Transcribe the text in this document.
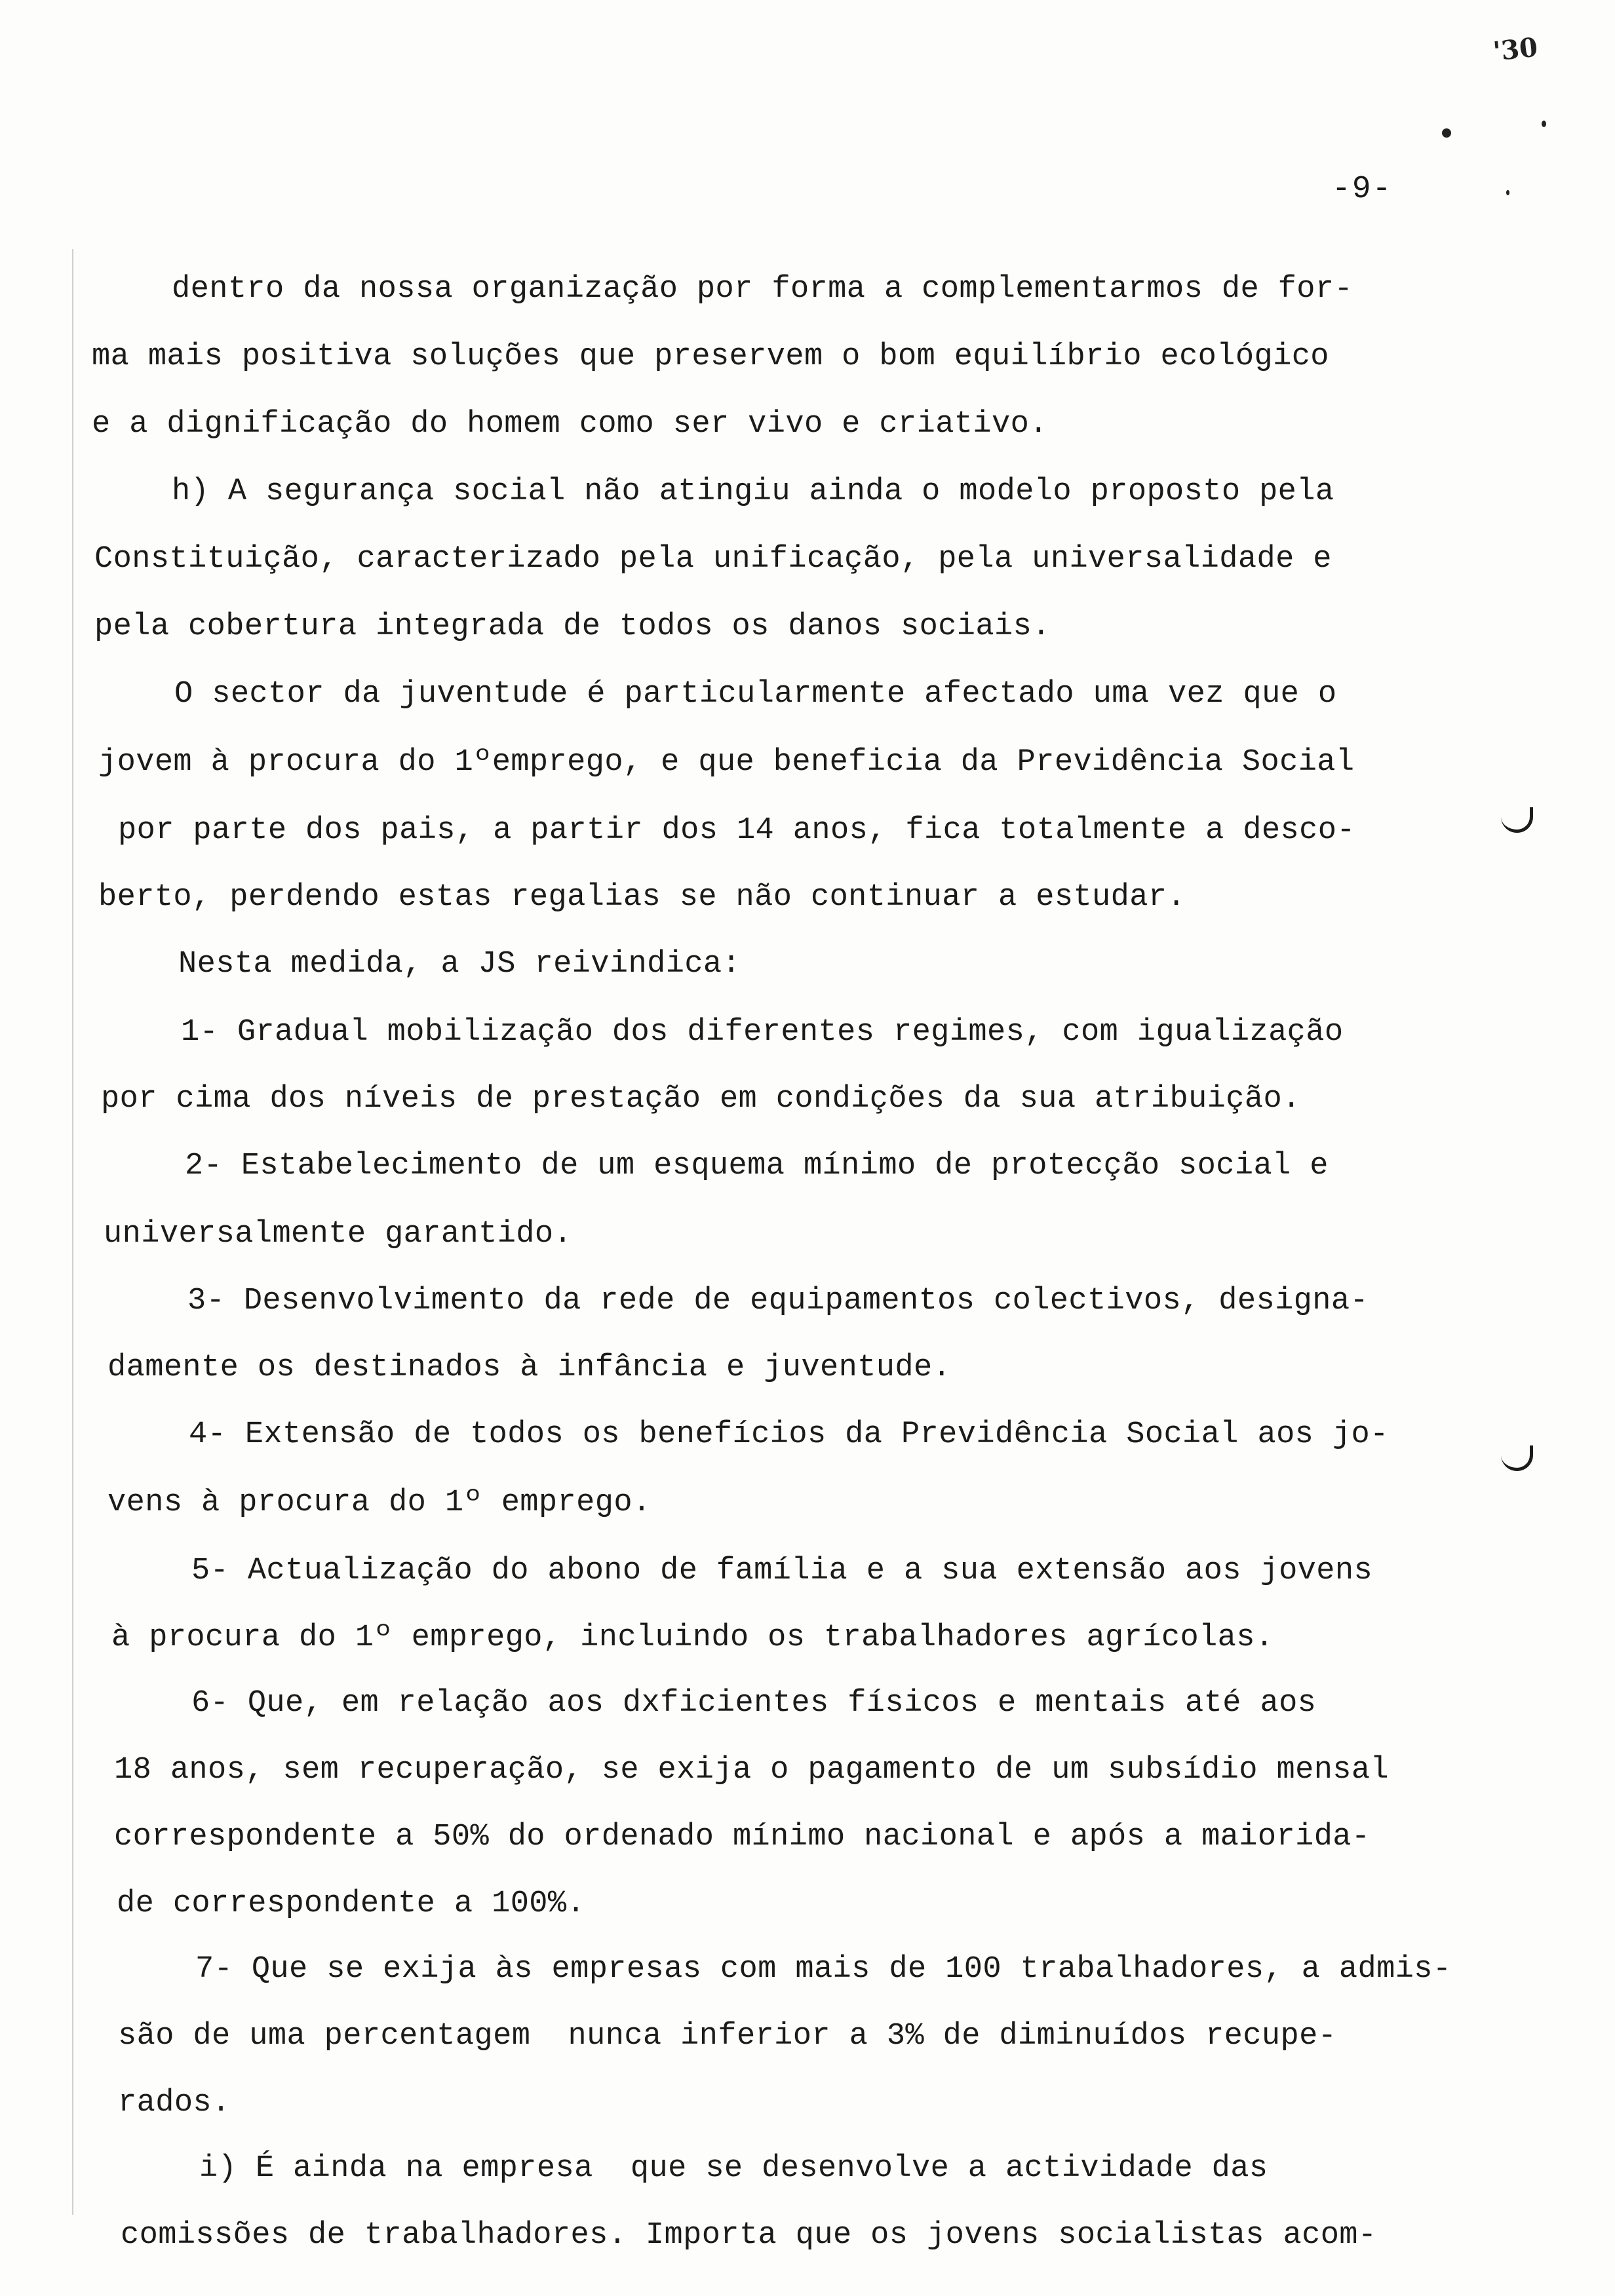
'30
-9-
dentro da nossa organização por forma a complementarmos de for-
ma mais positiva soluções que preservem o bom equilíbrio ecológico
e a dignificação do homem como ser vivo e criativo.
h) A segurança social não atingiu ainda o modelo proposto pela
Constituição, caracterizado pela unificação, pela universalidade e
pela cobertura integrada de todos os danos sociais.
O sector da juventude é particularmente afectado uma vez que o
jovem à procura do 1ºemprego, e que beneficia da Previdência Social
por parte dos pais, a partir dos 14 anos, fica totalmente a desco-
berto, perdendo estas regalias se não continuar a estudar.
Nesta medida, a JS reivindica:
1- Gradual mobilização dos diferentes regimes, com igualização
por cima dos níveis de prestação em condições da sua atribuição.
2- Estabelecimento de um esquema mínimo de protecção social e
universalmente garantido.
3- Desenvolvimento da rede de equipamentos colectivos, designa-
damente os destinados à infância e juventude.
4- Extensão de todos os benefícios da Previdência Social aos jo-
vens à procura do 1º emprego.
5- Actualização do abono de família e a sua extensão aos jovens
à procura do 1º emprego, incluindo os trabalhadores agrícolas.
6- Que, em relação aos dxficientes físicos e mentais até aos
18 anos, sem recuperação, se exija o pagamento de um subsídio mensal
correspondente a 50% do ordenado mínimo nacional e após a maiorida-
de correspondente a 100%.
7- Que se exija às empresas com mais de 100 trabalhadores, a admis-
são de uma percentagem  nunca inferior a 3% de diminuídos recupe-
rados.
i) É ainda na empresa  que se desenvolve a actividade das
comissões de trabalhadores. Importa que os jovens socialistas acom-
